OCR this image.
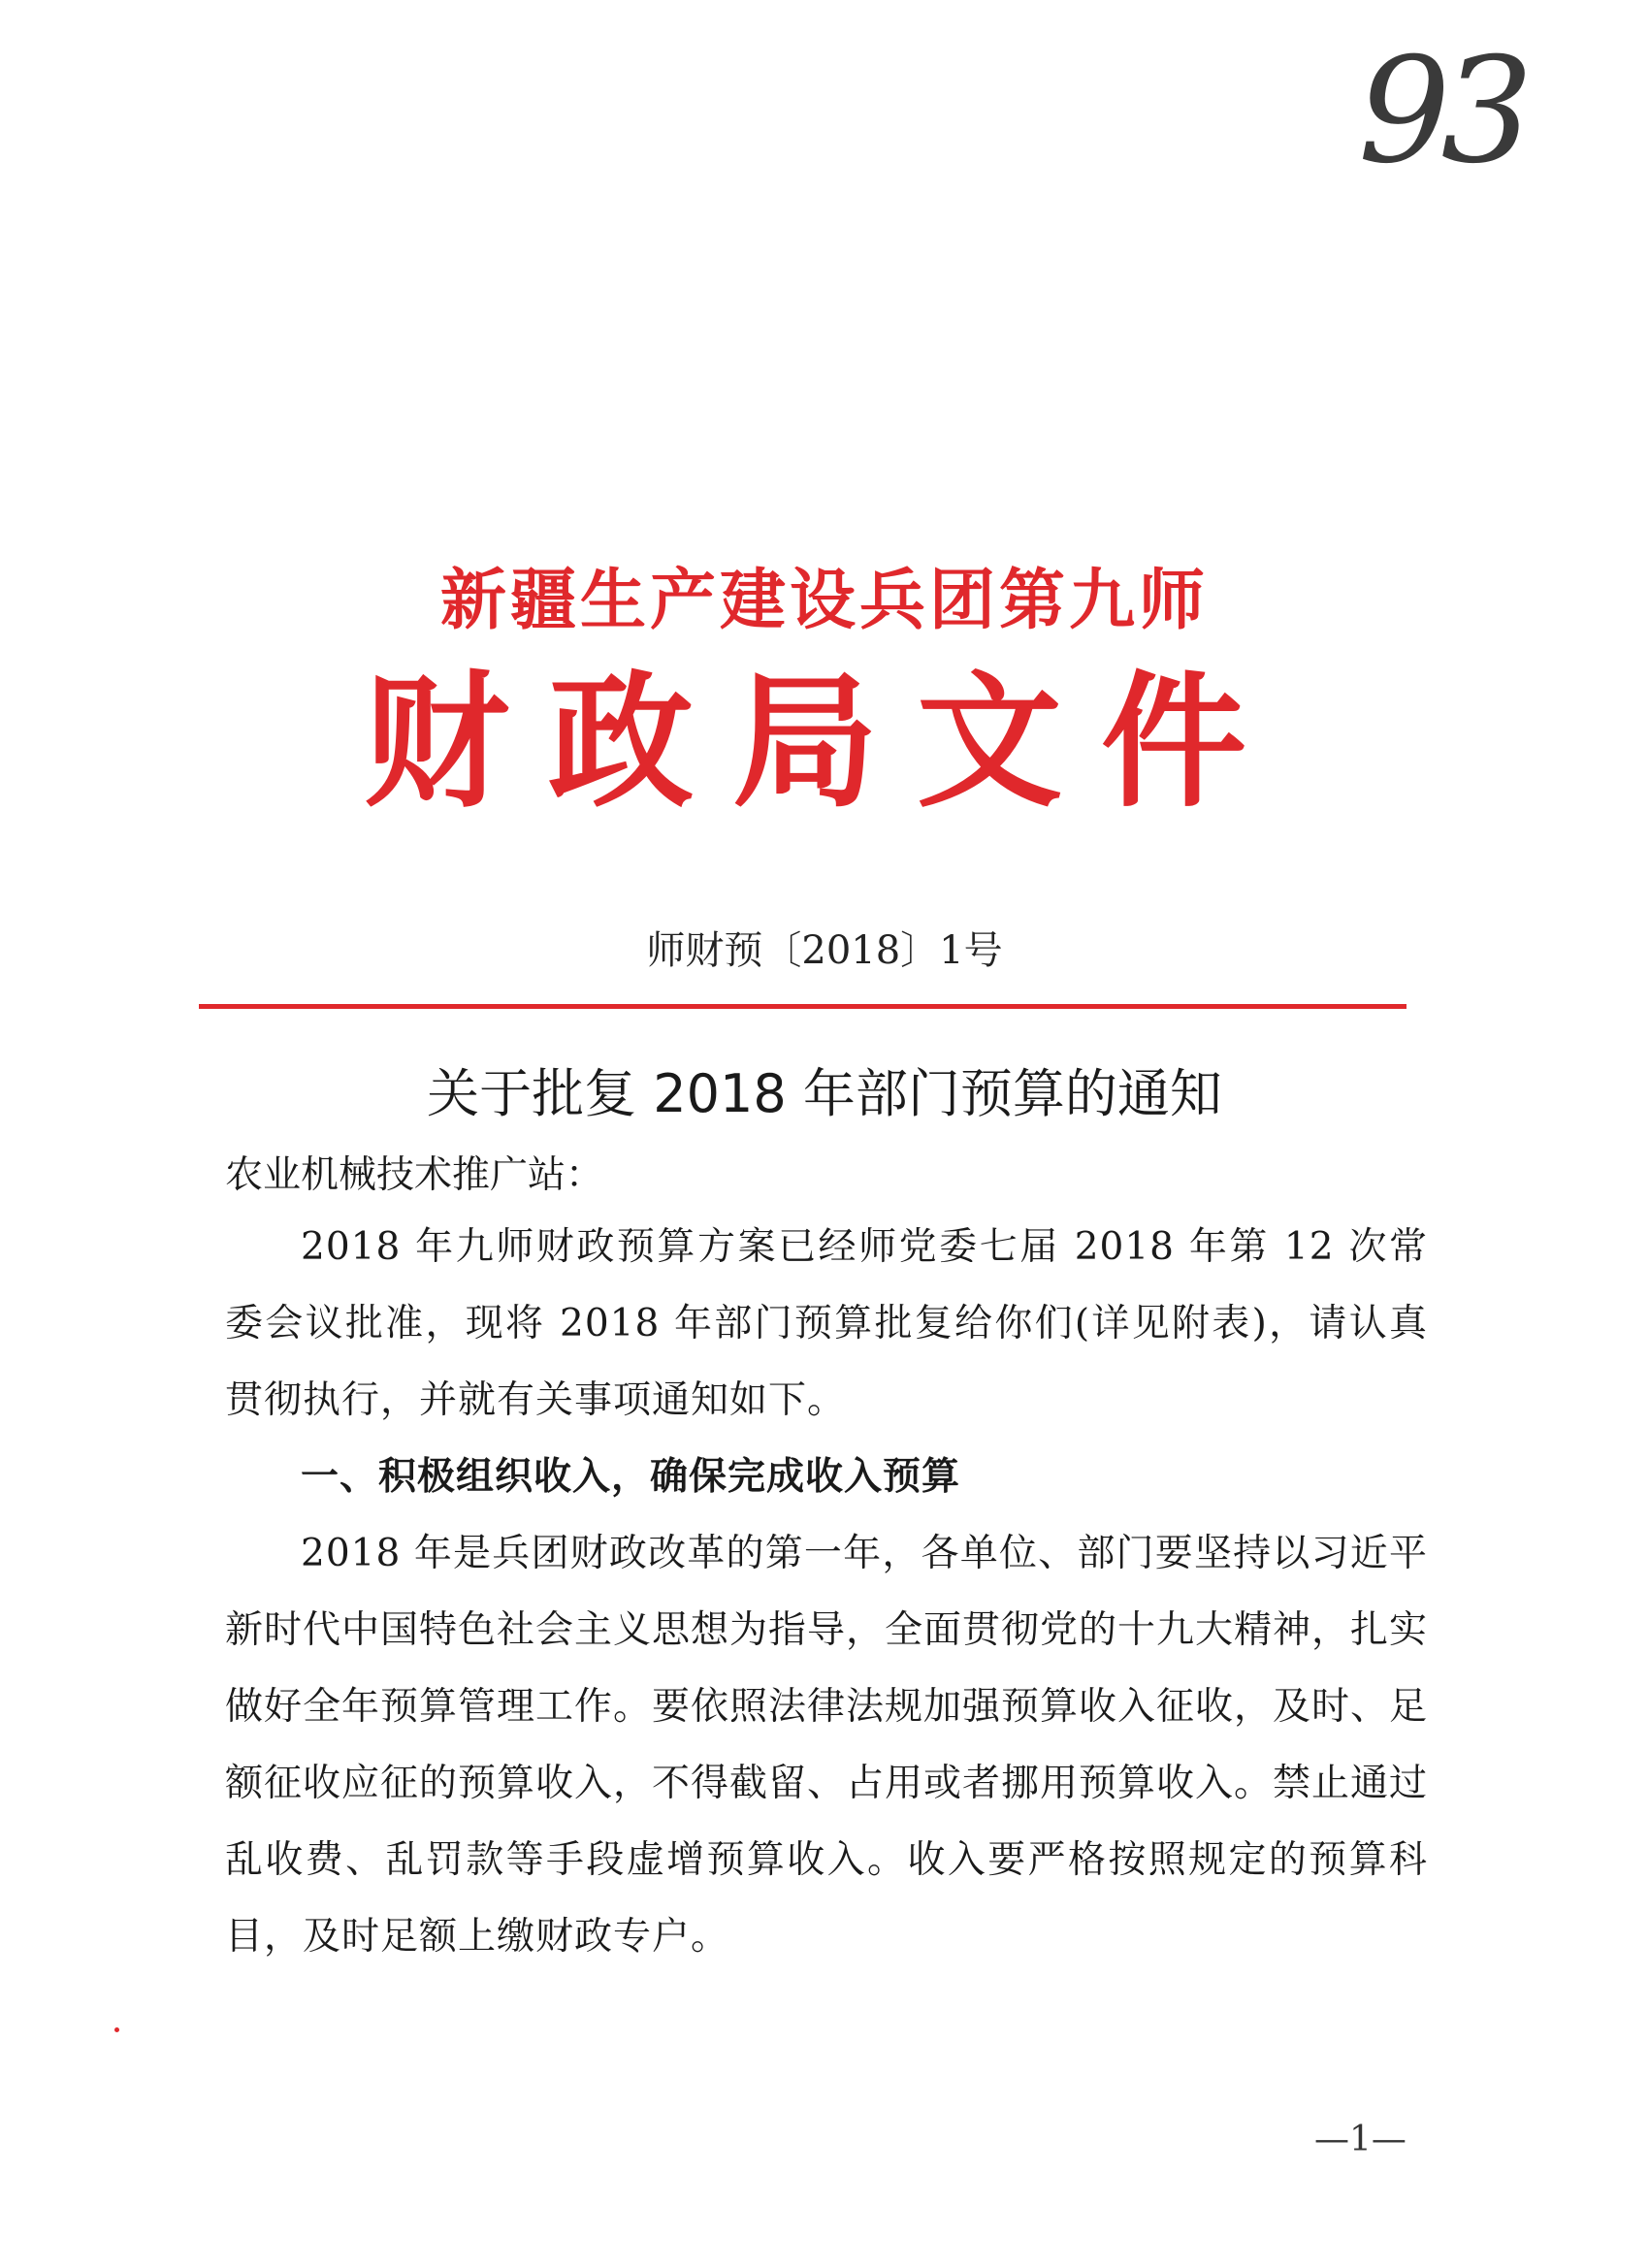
93
新疆生产建设兵团第九师
财政局文件
师财预〔2018〕1号
关于批复 2018 年部门预算的通知
农业机械技术推广站：

2018 年九师财政预算方案已经师党委七届 2018 年第 12 次常委会议批准，现将 2018 年部门预算批复给你们(详见附表)，请认真贯彻执行，并就有关事项通知如下。

一、积极组织收入，确保完成收入预算

2018 年是兵团财政改革的第一年，各单位、部门要坚持以习近平新时代中国特色社会主义思想为指导，全面贯彻党的十九大精神，扎实做好全年预算管理工作。要依照法律法规加强预算收入征收，及时、足额征收应征的预算收入，不得截留、占用或者挪用预算收入。禁止通过乱收费、乱罚款等手段虚增预算收入。收入要严格按照规定的预算科目，及时足额上缴财政专户。

—1—
